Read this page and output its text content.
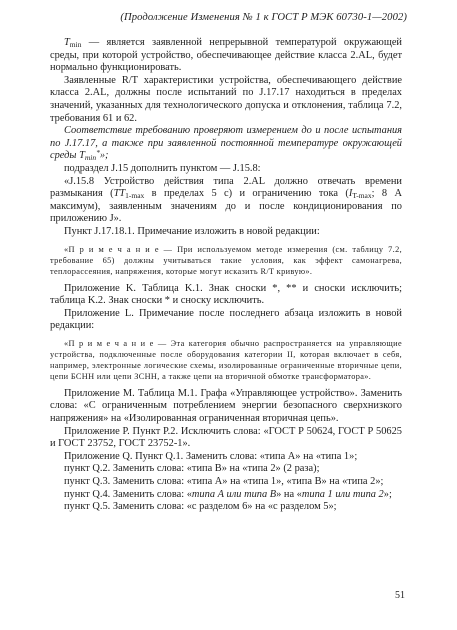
(Продолжение Изменения № 1 к ГОСТ Р МЭК 60730-1—2002)

$T_{min}$ — является заявленной непрерывной температурой окружающей среды, при которой устройство, обеспечивающее действие класса 2.AL, будет нормально функционировать.

Заявленные R/T характеристики устройства, обеспечивающего действие класса 2.AL, должны после испытаний по J.17.17 находиться в пределах значений, указанных для технологического допуска и отклонения, таблица 7.2, требования 61 и 62.

Соответствие требованию проверяют измерением до и после испытания по J.17.17, а также при заявленной постоянной температуре окружающей среды $T_{min}^*$»;

подраздел J.15 дополнить пунктом — J.15.8:

«J.15.8 Устройство действия типа 2.AL должно отвечать времени размыкания ($TT_{1-max}$ в пределах 5 с) и ограничению тока ($I_{T-max}$; 8 А максимум), заявленным значениям до и после кондиционирования по приложению J».

Пункт J.17.18.1. Примечание изложить в новой редакции:

«П р и м е ч а н и е — При используемом методе измерения (см. таблицу 7.2, требование 65) должны учитываться такие условия, как эффект самонагрева, теплорассеяния, напряжения, которые могут исказить R/T кривую».

Приложение K. Таблица K.1. Знак сноски *, ** и сноски исключить; таблица K.2. Знак сноски * и сноску исключить.

Приложение L. Примечание после последнего абзаца изложить в новой редакции:

«П р и м е ч а н и е — Эта категория обычно распространяется на управляющие устройства, подключенные после оборудования категории II, которая включает в себя, например, электронные логические схемы, изолированные ограниченные вторичные цепи, цепи БСНН или цепи ЗСНН, а также цепи на вторичной обмотке трансформатора».

Приложение M. Таблица M.1. Графа «Управляющее устройство». Заменить слова: «С ограниченным потреблением энергии безопасного сверхнизкого напряжения» на «Изолированная ограниченная вторичная цепь».

Приложение P. Пункт P.2. Исключить слова: «ГОСТ Р 50624, ГОСТ Р 50625 и ГОСТ 23752, ГОСТ 23752-1».

Приложение Q. Пункт Q.1. Заменить слова: «типа А» на «типа 1»;

пункт Q.2. Заменить слова: «типа В» на «типа 2» (2 раза);

пункт Q.3. Заменить слова: «типа А» на «типа 1», «типа В» на «типа 2»;

пункт Q.4. Заменить слова: «типа А или типа В» на «типа 1 или типа 2»;

пункт Q.5. Заменить слова: «с разделом 6» на «с разделом 5»;

51
